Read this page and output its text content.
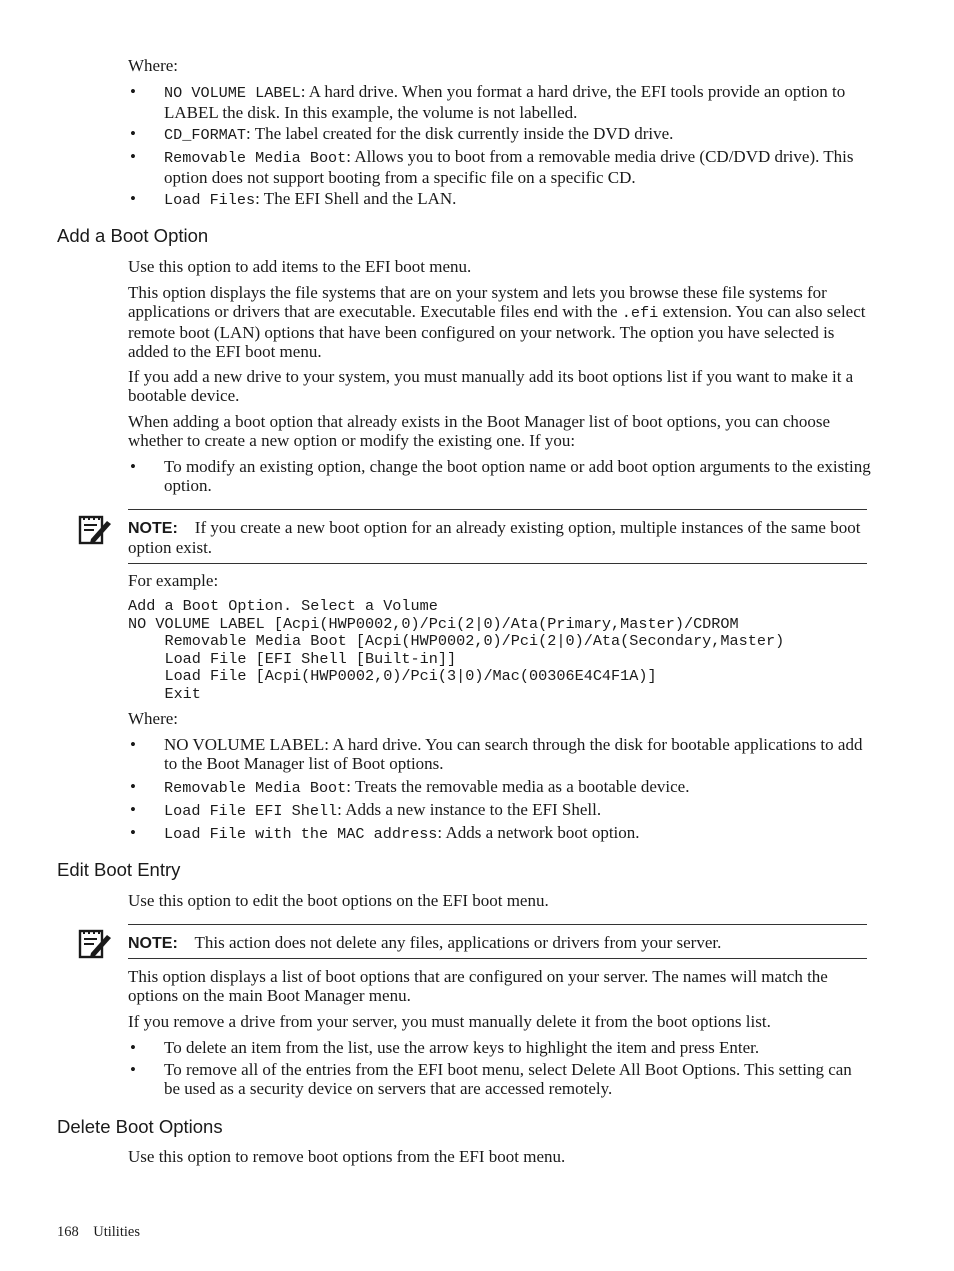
Where:
• NO VOLUME LABEL: A hard drive. When you format a hard drive, the EFI tools provide an option to LABEL the disk. In this example, the volume is not labelled.
• CD_FORMAT: The label created for the disk currently inside the DVD drive.
• Removable Media Boot: Allows you to boot from a removable media drive (CD/DVD drive). This option does not support booting from a specific file on a specific CD.
• Load Files: The EFI Shell and the LAN.
Add a Boot Option
Use this option to add items to the EFI boot menu.
This option displays the file systems that are on your system and lets you browse these file systems for applications or drivers that are executable. Executable files end with the .efi extension. You can also select remote boot (LAN) options that have been configured on your network. The option you have selected is added to the EFI boot menu.
If you add a new drive to your system, you must manually add its boot options list if you want to make it a bootable device.
When adding a boot option that already exists in the Boot Manager list of boot options, you can choose whether to create a new option or modify the existing one. If you:
• To modify an existing option, change the boot option name or add boot option arguments to the existing option.
NOTE: If you create a new boot option for an already existing option, multiple instances of the same boot option exist.
For example:
Add a Boot Option. Select a Volume
NO VOLUME LABEL [Acpi(HWP0002,0)/Pci(2|0)/Ata(Primary,Master)/CDROM
Removable Media Boot [Acpi(HWP0002,0)/Pci(2|0)/Ata(Secondary,Master)
Load File [EFI Shell [Built-in]]
Load File [Acpi(HWP0002,0)/Pci(3|0)/Mac(00306E4C4F1A)]
Exit
Where:
• NO VOLUME LABEL: A hard drive. You can search through the disk for bootable applications to add to the Boot Manager list of Boot options.
• Removable Media Boot: Treats the removable media as a bootable device.
• Load File EFI Shell: Adds a new instance to the EFI Shell.
• Load File with the MAC address: Adds a network boot option.
Edit Boot Entry
Use this option to edit the boot options on the EFI boot menu.
NOTE: This action does not delete any files, applications or drivers from your server.
This option displays a list of boot options that are configured on your server. The names will match the options on the main Boot Manager menu.
If you remove a drive from your server, you must manually delete it from the boot options list.
• To delete an item from the list, use the arrow keys to highlight the item and press Enter.
• To remove all of the entries from the EFI boot menu, select Delete All Boot Options. This setting can be used as a security device on servers that are accessed remotely.
Delete Boot Options
Use this option to remove boot options from the EFI boot menu.
168 Utilities
